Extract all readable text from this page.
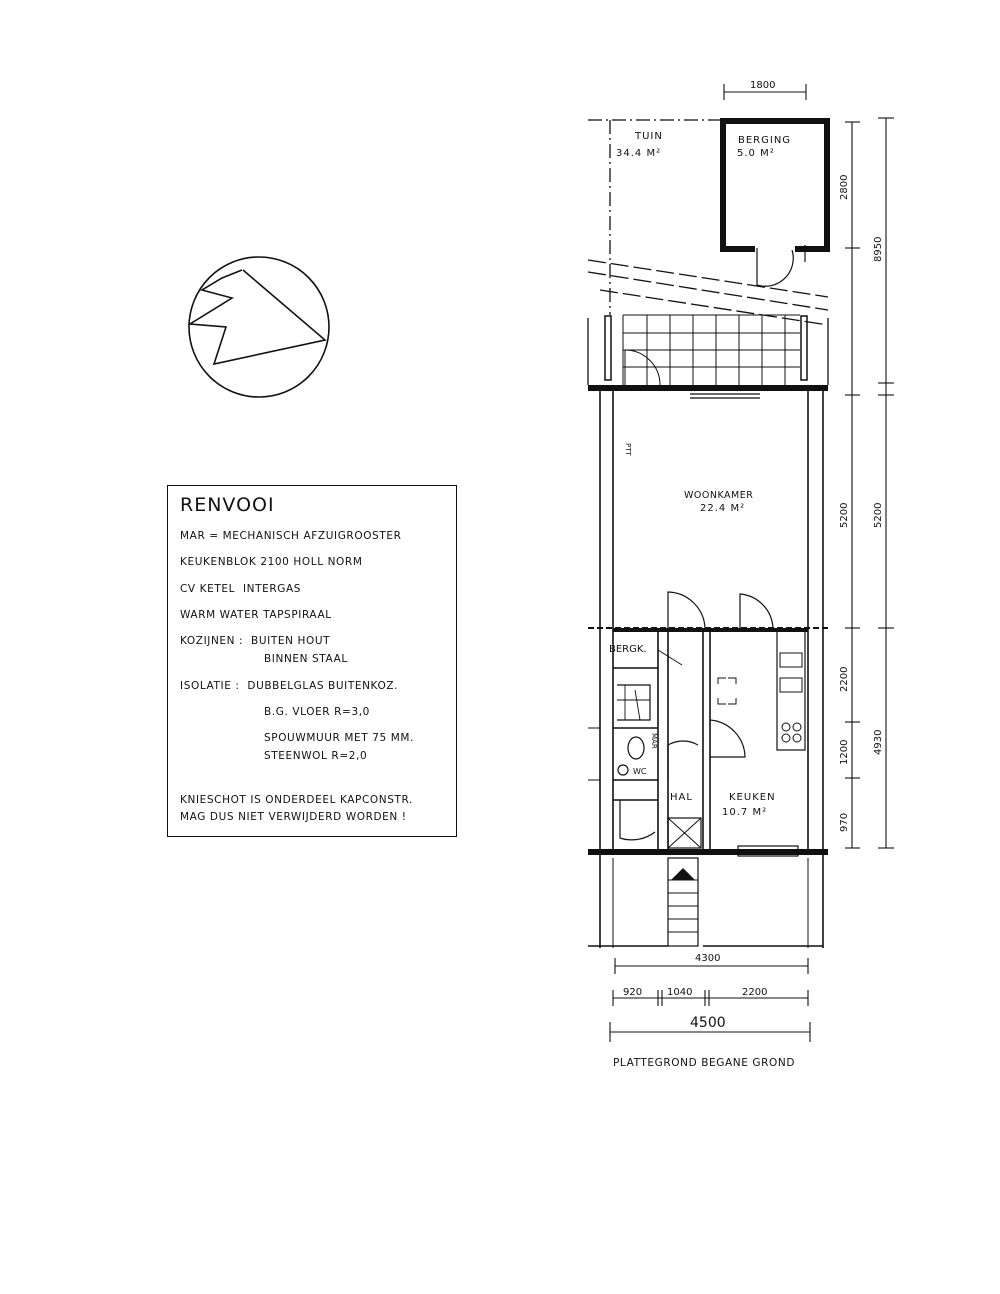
TUIN
34.4 M²
BERGING
5.0 M²
WOONKAMER
22.4 M²
KEUKEN
10.7 M²
HAL
BERGK.
WC
MAR
PTT
1800
2800
5200
2200
1200
970
8950
5200
4930
4300
920 1040	2200
4500
PLATTEGROND BEGANE GROND
RENVOOI
MAR = MECHANISCH AFZUIGROOSTER
KEUKENBLOK 2100 HOLL NORM
CV KETEL  INTERGAS
WARM WATER TAPSPIRAAL
KOZIJNEN :  BUITEN HOUT
BINNEN STAAL
ISOLATIE :  DUBBELGLAS BUITENKOZ.
B.G. VLOER R=3,0
SPOUWMUUR MET 75 MM.
STEENWOL R=2,0
KNIESCHOT IS ONDERDEEL KAPCONSTR.
MAG DUS NIET VERWIJDERD WORDEN !
